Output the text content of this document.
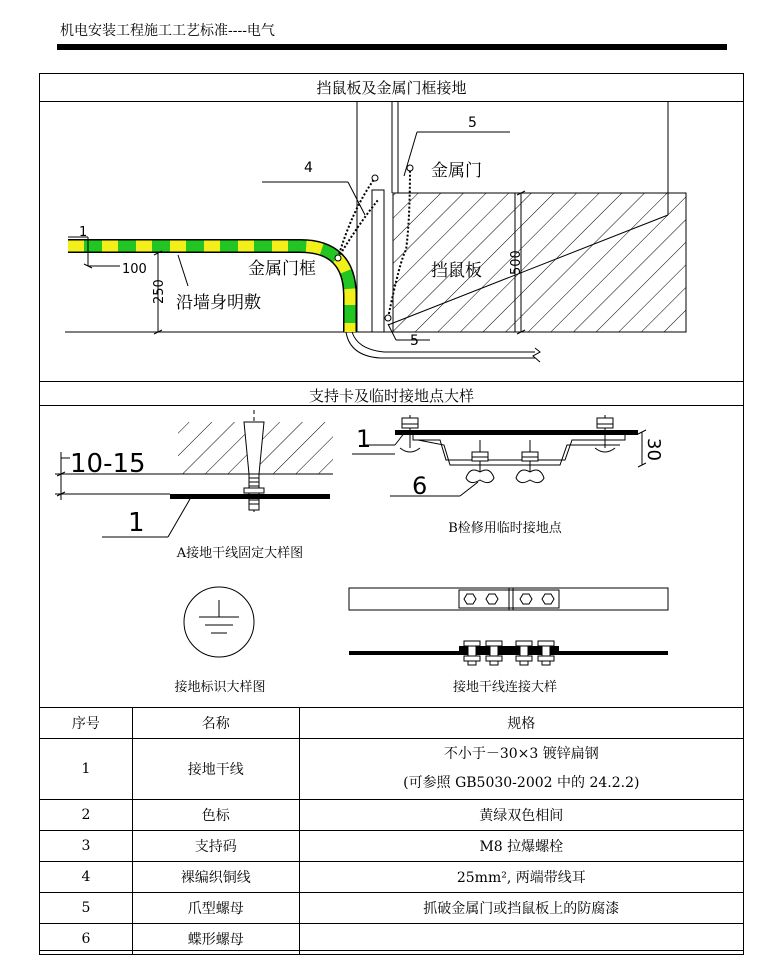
机电安装工程施工工艺标准----电气
挡鼠板及金属门框接地
支持卡及临时接地点大样
1
100
250
500
沿墙身明敷
金属门框
金属门
挡鼠板
4
5
5
10-15
1
1
6
30
A接地干线固定大样图
B检修用临时接地点
接地标识大样图	接地干线连接大样
序号	名称	规格
1	接地干线	不小于－30×3 镀锌扁钢
(可参照 GB5030-2002 中的 24.2.2)

2	色标	黄绿双色相间
3	支持码	M8 拉爆螺栓
4	裸编织铜线	25mm², 两端带线耳
5	爪型螺母	抓破金属门或挡鼠板上的防腐漆
6	蝶形螺母	
